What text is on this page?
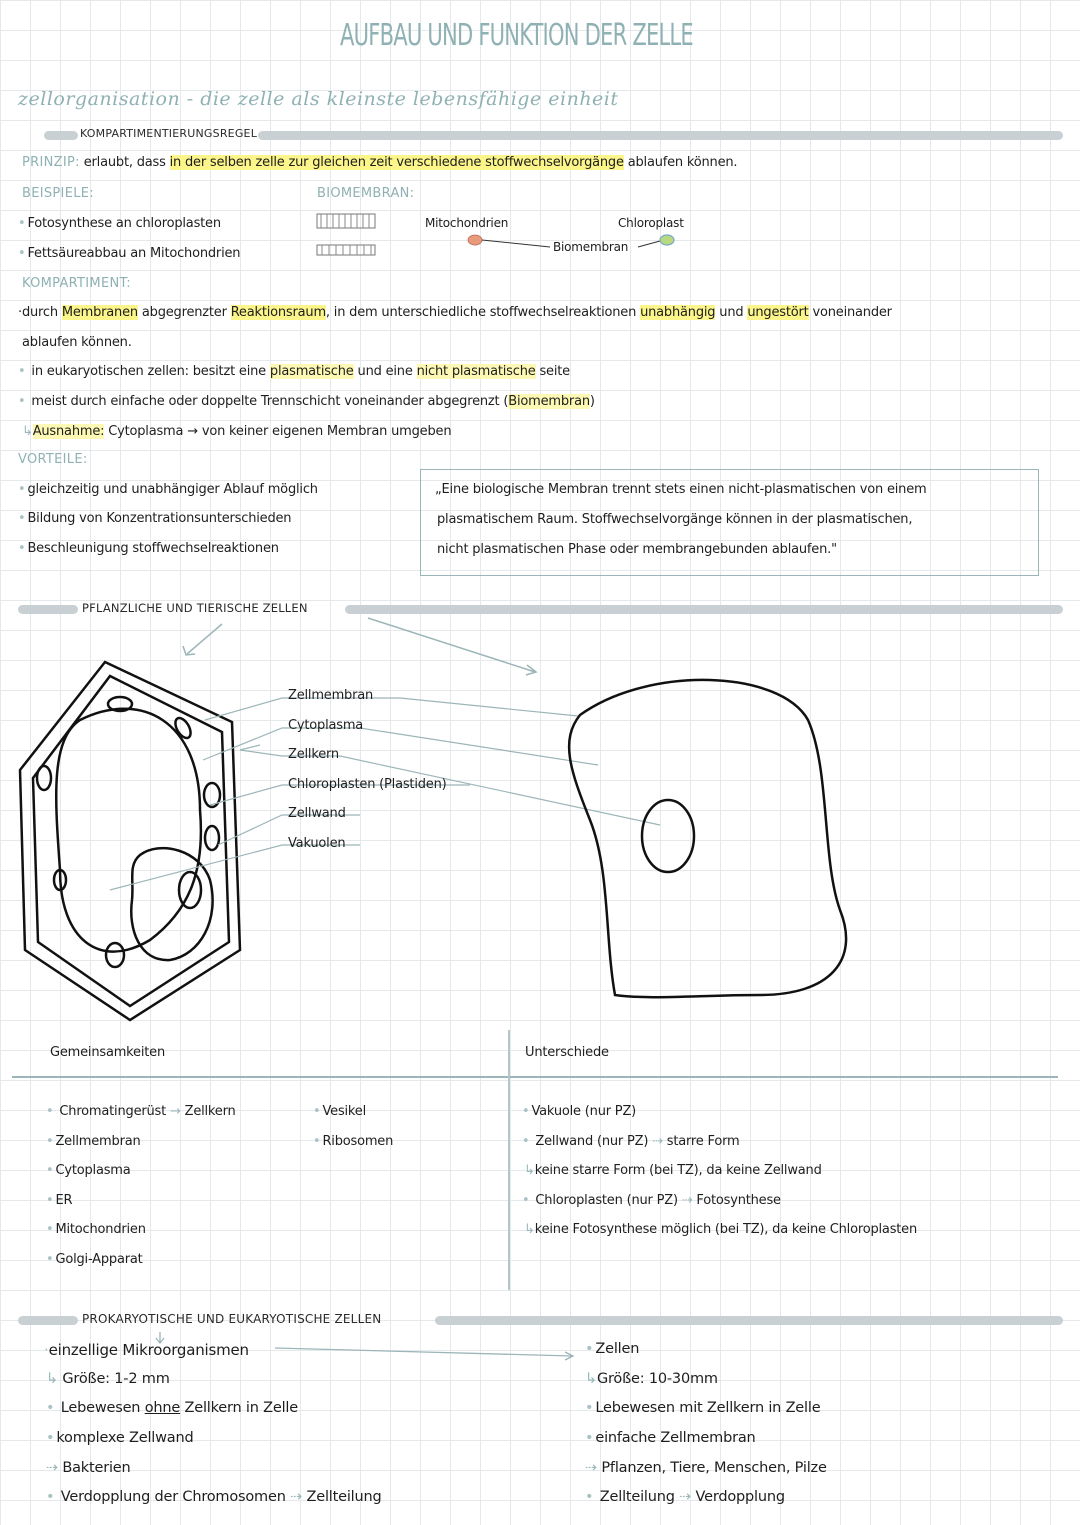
AUFBAU UND FUNKTION DER ZELLE
zellorganisation - die zelle als kleinste lebensfähige einheit
KOMPARTIMENTIERUNGSREGEL
PRINZIP: erlaubt, dass in der selben zelle zur gleichen zeit verschiedene stoffwechselvorgänge ablaufen können.
BEISPIELE:
• Fotosynthese an chloroplasten
• Fettsäureabbau an Mitochondrien
BIOMEMBRAN:
Mitochondrien	Chloroplast
Biomembran
KOMPARTIMENT:
·durch Membranen abgegrenzter Reaktionsraum, in dem unterschiedliche stoffwechselreaktionen unabhängig und ungestört voneinander
ablaufen können.
• in eukaryotischen zellen: besitzt eine plasmatische und eine nicht plasmatische seite
• meist durch einfache oder doppelte Trennschicht voneinander abgegrenzt (Biomembran)
↳Ausnahme: Cytoplasma → von keiner eigenen Membran umgeben
VORTEILE:
• gleichzeitig und unabhängiger Ablauf möglich
• Bildung von Konzentrationsunterschieden
• Beschleunigung stoffwechselreaktionen
„Eine biologische Membran trennt stets einen nicht-plasmatischen von einem
plasmatischem Raum. Stoffwechselvorgänge können in der plasmatischen,
nicht plasmatischen Phase oder membrangebunden ablaufen."
PFLANZLICHE UND TIERISCHE ZELLEN
Zellmembran
Cytoplasma
Zellkern
Chloroplasten (Plastiden)
Zellwand
Vakuolen
Gemeinsamkeiten	Unterschiede
• Chromatingerüst → Zellkern
• Zellmembran
• Cytoplasma
• ER
• Mitochondrien
• Golgi-Apparat
• Vesikel
• Ribosomen
• Vakuole (nur PZ)
• Zellwand (nur PZ) ⇢ starre Form
↳keine starre Form (bei TZ), da keine Zellwand
• Chloroplasten (nur PZ) ⇢ Fotosynthese
↳keine Fotosynthese möglich (bei TZ), da keine Chloroplasten
PROKARYOTISCHE UND EUKARYOTISCHE ZELLEN
·einzellige Mikroorganismen
↳ Größe: 1-2 mm
• Lebewesen ohne Zellkern in Zelle
• komplexe Zellwand
⇢ Bakterien
• Verdopplung der Chromosomen ⇢ Zellteilung
• Zellen
↳Größe: 10-30mm
• Lebewesen mit Zellkern in Zelle
• einfache Zellmembran
⇢ Pflanzen, Tiere, Menschen, Pilze
• Zellteilung ⇢ Verdopplung
